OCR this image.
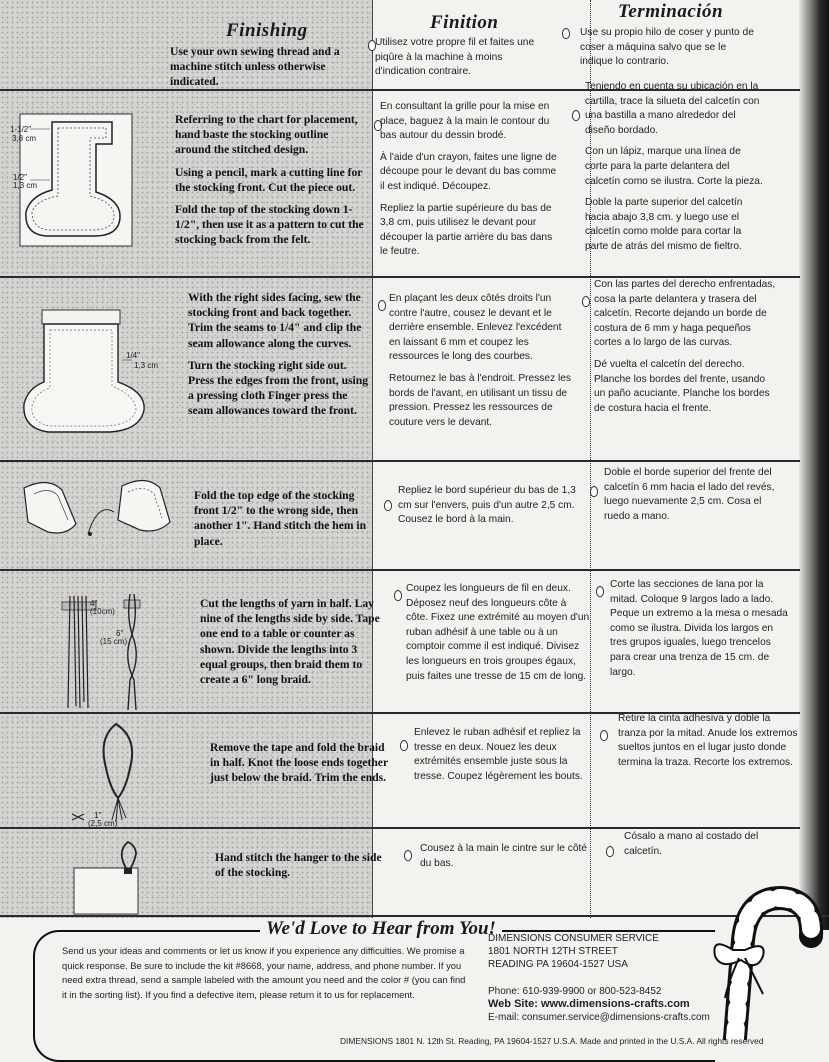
Finishing	Finition
Terminación

Use your own sewing thread and a machine stitch unless otherwise indicated.

Utilisez votre propre fil et faites une piqûre à la machine à moins d'indication contraire.

Use su propio hilo de coser y punto de coser a máquina salvo que se le indique lo contrario.

1-1/2"
3,8 cm
1/2"
1,3 cm

Referring to the chart for placement, hand baste the stocking outline around the stitched design.

Using a pencil, mark a cutting line for the stocking front. Cut the piece out.

Fold the top of the stocking down 1-1/2", then use it as a pattern to cut the stocking back from the felt.

En consultant la grille pour la mise en place, baguez à la main le contour du bas autour du dessin brodé.

À l'aide d'un crayon, faites une ligne de découpe pour le devant du bas comme il est indiqué. Découpez.

Repliez la partie supérieure du bas de 3,8 cm, puis utilisez le devant pour découper la partie arrière du bas dans le feutre.

Teniendo en cuenta su ubicación en la cartilla, trace la silueta del calcetín con una bastilla a mano alrededor del diseño bordado.

Con un lápiz, marque una línea de corte para la parte delantera del calcetín como se ilustra. Corte la pieza.

Doble la parte superior del calcetín hacia abajo 3,8 cm. y luego use el calcetín como molde para cortar la parte de atrás del mismo de fieltro.

1/4"
1,3 cm

With the right sides facing, sew the stocking front and back together. Trim the seams to 1/4" and clip the seam allowance along the curves.

Turn the stocking right side out. Press the edges from the front, using a pressing cloth Finger press the seam allowances toward the front.

En plaçant les deux côtés droits l'un contre l'autre, cousez le devant et le derrière ensemble. Enlevez l'excédent en laissant 6 mm et coupez les ressources le long des courbes.

Retournez le bas à l'endroit. Pressez les bords de l'avant, en utilisant un tissu de pression. Pressez les ressources de couture vers le devant.

Con las partes del derecho enfrentadas, cosa la parte delantera y trasera del calcetín. Recorte dejando un borde de costura de 6 mm y haga pequeños cortes a lo largo de las curvas.

Dé vuelta el calcetín del derecho. Planche los bordes del frente, usando un paño acuciante. Planche los bordes de costura hacia el frente.

Fold the top edge of the stocking front 1/2" to the wrong side, then another 1". Hand stitch the hem in place.

Repliez le bord supérieur du bas de 1,3 cm sur l'envers, puis d'un autre 2,5 cm. Cousez le bord à la main.

Doble el borde superior del frente del calcetín 6 mm hacia el lado del revés, luego nuevamente 2,5 cm. Cosa el ruedo a mano.

4"
(10cm)
6"
(15 cm)

Cut the lengths of yarn in half. Lay nine of the lengths side by side. Tape one end to a table or counter as shown. Divide the lengths into 3 equal groups, then braid them to create a 6" long braid.

Coupez les longueurs de fil en deux. Déposez neuf des longueurs côte à côte. Fixez une extrémité au moyen d'un ruban adhésif à une table ou à un comptoir comme il est indiqué. Divisez les longueurs en trois groupes égaux, puis faites une tresse de 15 cm de long.

Corte las secciones de lana por la mitad. Coloque 9 largos lado a lado. Peque un extremo a la mesa o mesada como se ilustra. Divida los largos en tres grupos iguales, luego trencelos para crear una trenza de 15 cm. de largo.

1"
(2,5 cm)

Remove the tape and fold the braid in half. Knot the loose ends together just below the braid. Trim the ends.

Enlevez le ruban adhésif et repliez la tresse en deux. Nouez les deux extrémités ensemble juste sous la tresse. Coupez légèrement les bouts.

Retire la cinta adhesiva y doble la tranza por la mitad. Anude los extremos sueltos juntos en el lugar justo donde termina la traza. Recorte los extremos.

Hand stitch the hanger to the side of the stocking.

Cousez à la main le cintre sur le côté du bas.

Cósalo a mano al costado del calcetín.

We'd Love to Hear from You!
Send us your ideas and comments or let us know if you experience any difficulties. We promise a quick response. Be sure to include the kit #8668, your name, address, and phone number. If you need extra thread, send a sample labeled with the amount you need and the color # (you can find it in the sorting list). If you find a defective item, please return it to us for replacement.
DIMENSIONS CONSUMER SERVICE
1801 NORTH 12TH STREET
READING PA 19604-1527 USA
Phone: 610-939-9900 or 800-523-8452
Web Site: www.dimensions-crafts.com
E-mail: consumer.service@dimensions-crafts.com
DIMENSIONS 1801 N. 12th St. Reading, PA 19604-1527 U.S.A. Made and printed in the U.S.A. All rights reserved
